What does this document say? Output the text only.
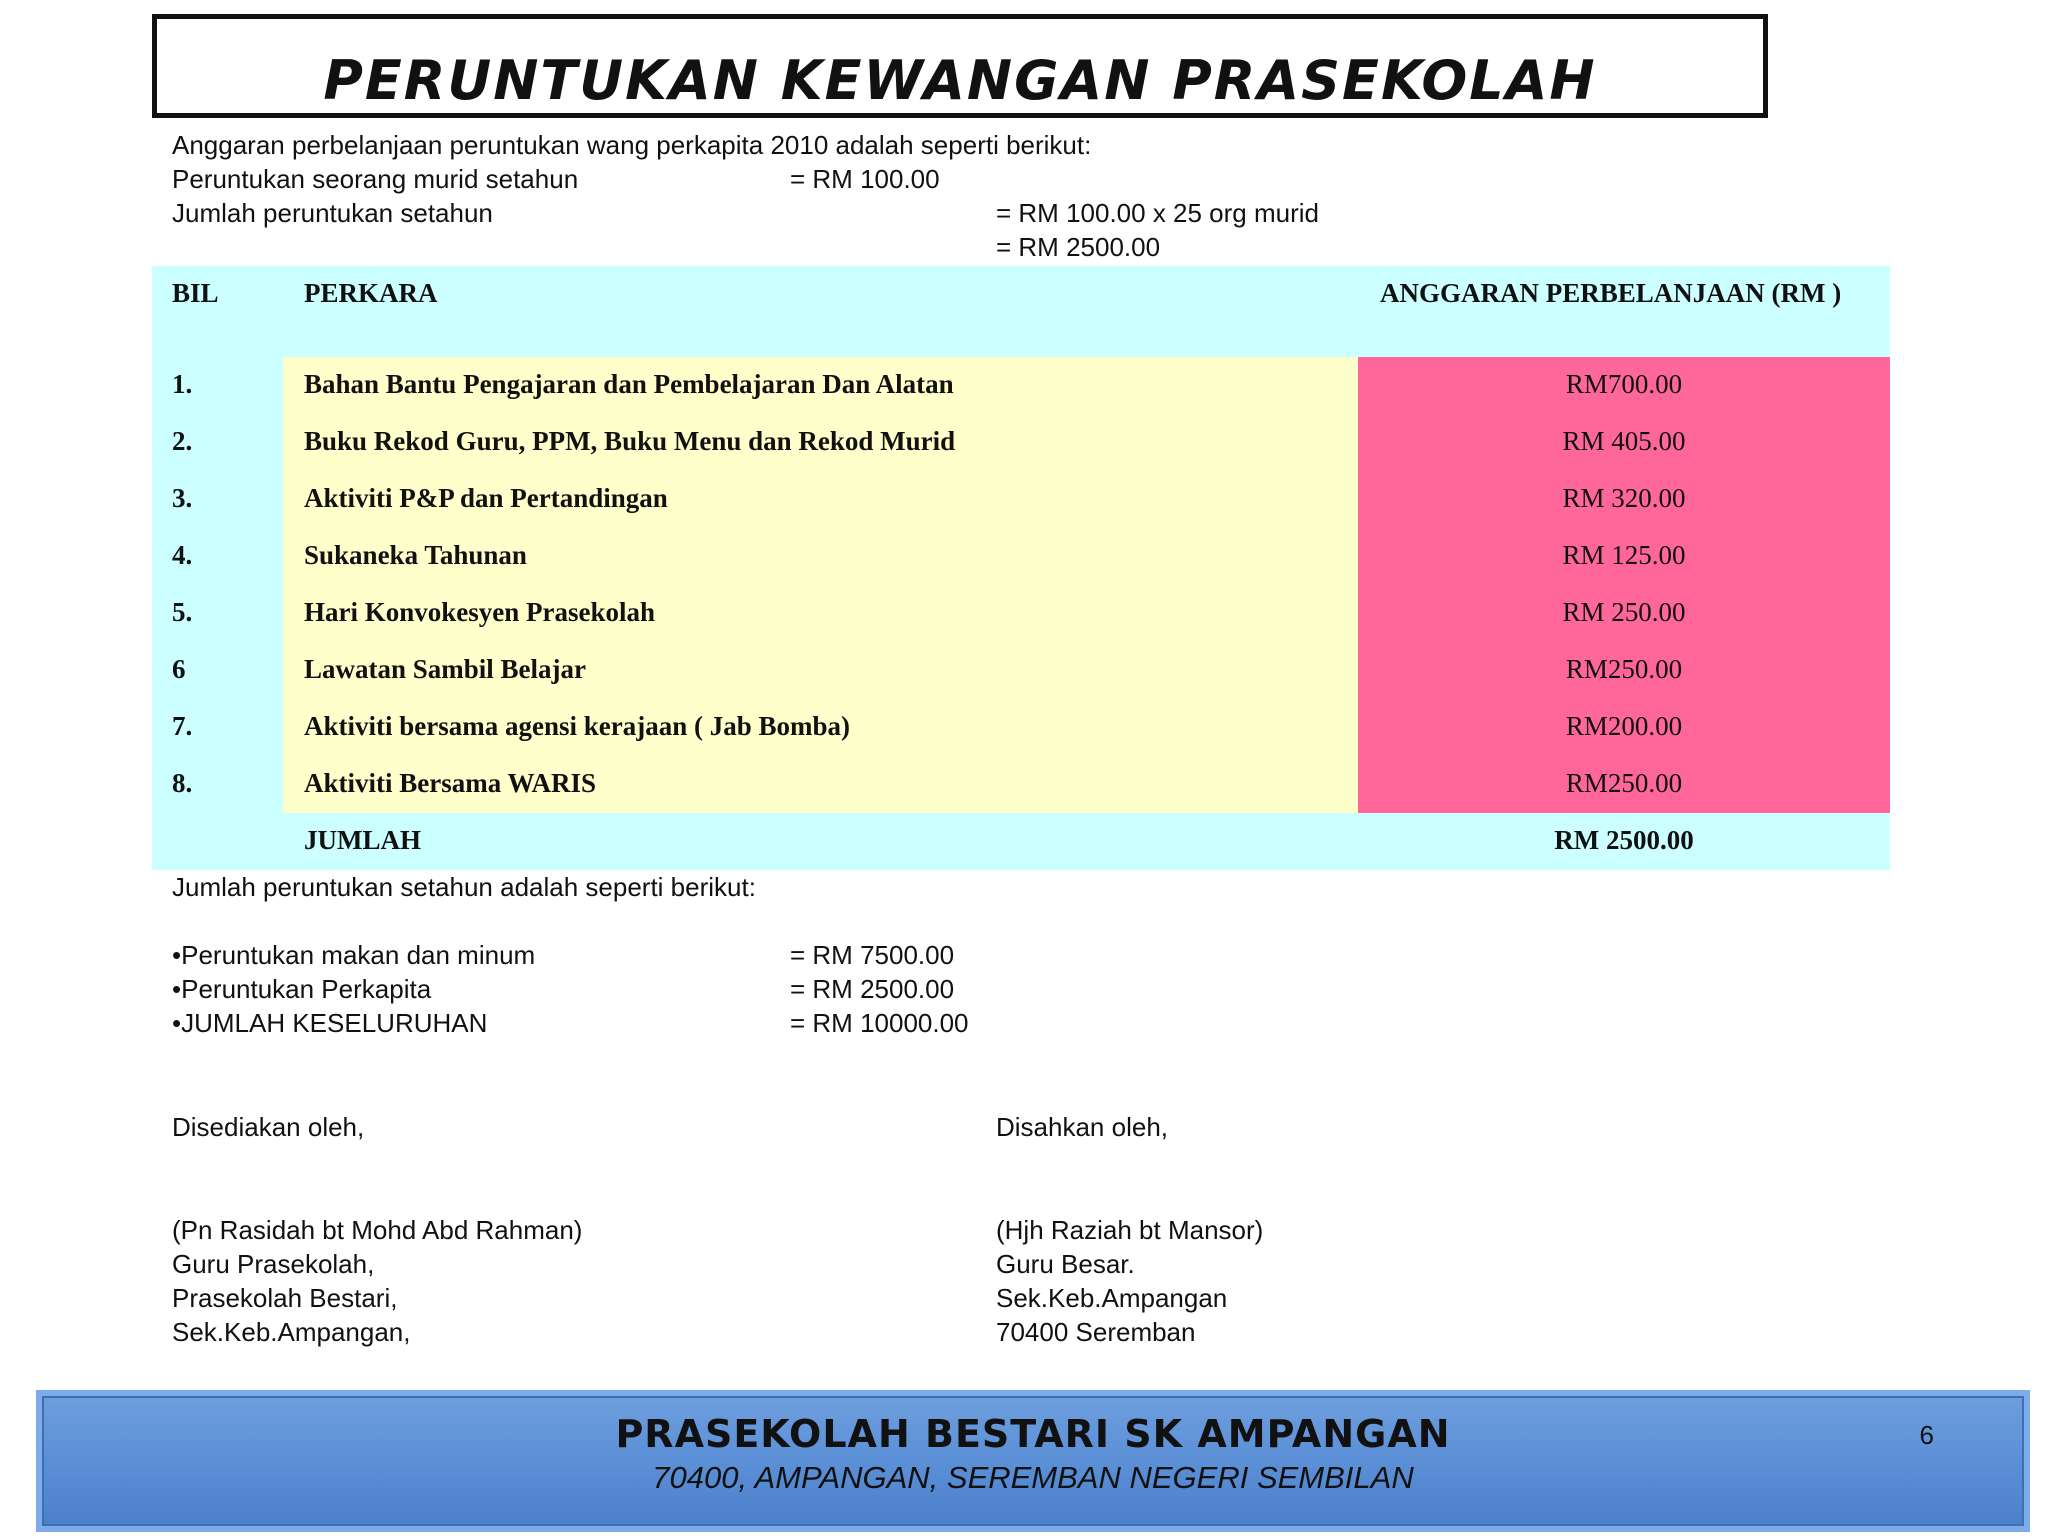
PERUNTUKAN KEWANGAN PRASEKOLAH
Anggaran perbelanjaan peruntukan wang perkapita 2010 adalah seperti berikut:
Peruntukan seorang murid setahun	= RM 100.00
Jumlah peruntukan setahun	= RM 100.00 x 25 org murid
= RM 2500.00
BIL	PERKARA	ANGGARAN PERBELANJAAN (RM )
1.	Bahan Bantu Pengajaran dan Pembelajaran Dan Alatan	RM700.00
2.	Buku Rekod Guru, PPM, Buku Menu dan Rekod Murid	RM 405.00
3.	Aktiviti P&P dan Pertandingan	RM 320.00
4.	Sukaneka Tahunan	RM 125.00
5.	Hari Konvokesyen Prasekolah	RM 250.00
6	Lawatan Sambil Belajar	RM250.00
7.	Aktiviti bersama agensi kerajaan ( Jab Bomba)	RM200.00
8.	Aktiviti Bersama WARIS	RM250.00
JUMLAH	RM 2500.00
Jumlah peruntukan setahun adalah seperti berikut:
•Peruntukan makan dan minum	= RM 7500.00
•Peruntukan Perkapita	= RM 2500.00
•JUMLAH KESELURUHAN	= RM 10000.00
Disediakan oleh,	Disahkan oleh,
(Pn Rasidah bt Mohd Abd Rahman)
Guru Prasekolah,
Prasekolah Bestari,
Sek.Keb.Ampangan,
(Hjh Raziah bt Mansor)
Guru Besar.
Sek.Keb.Ampangan
70400 Seremban
PRASEKOLAH BESTARI SK AMPANGAN
70400, AMPANGAN, SEREMBAN NEGERI SEMBILAN
6
